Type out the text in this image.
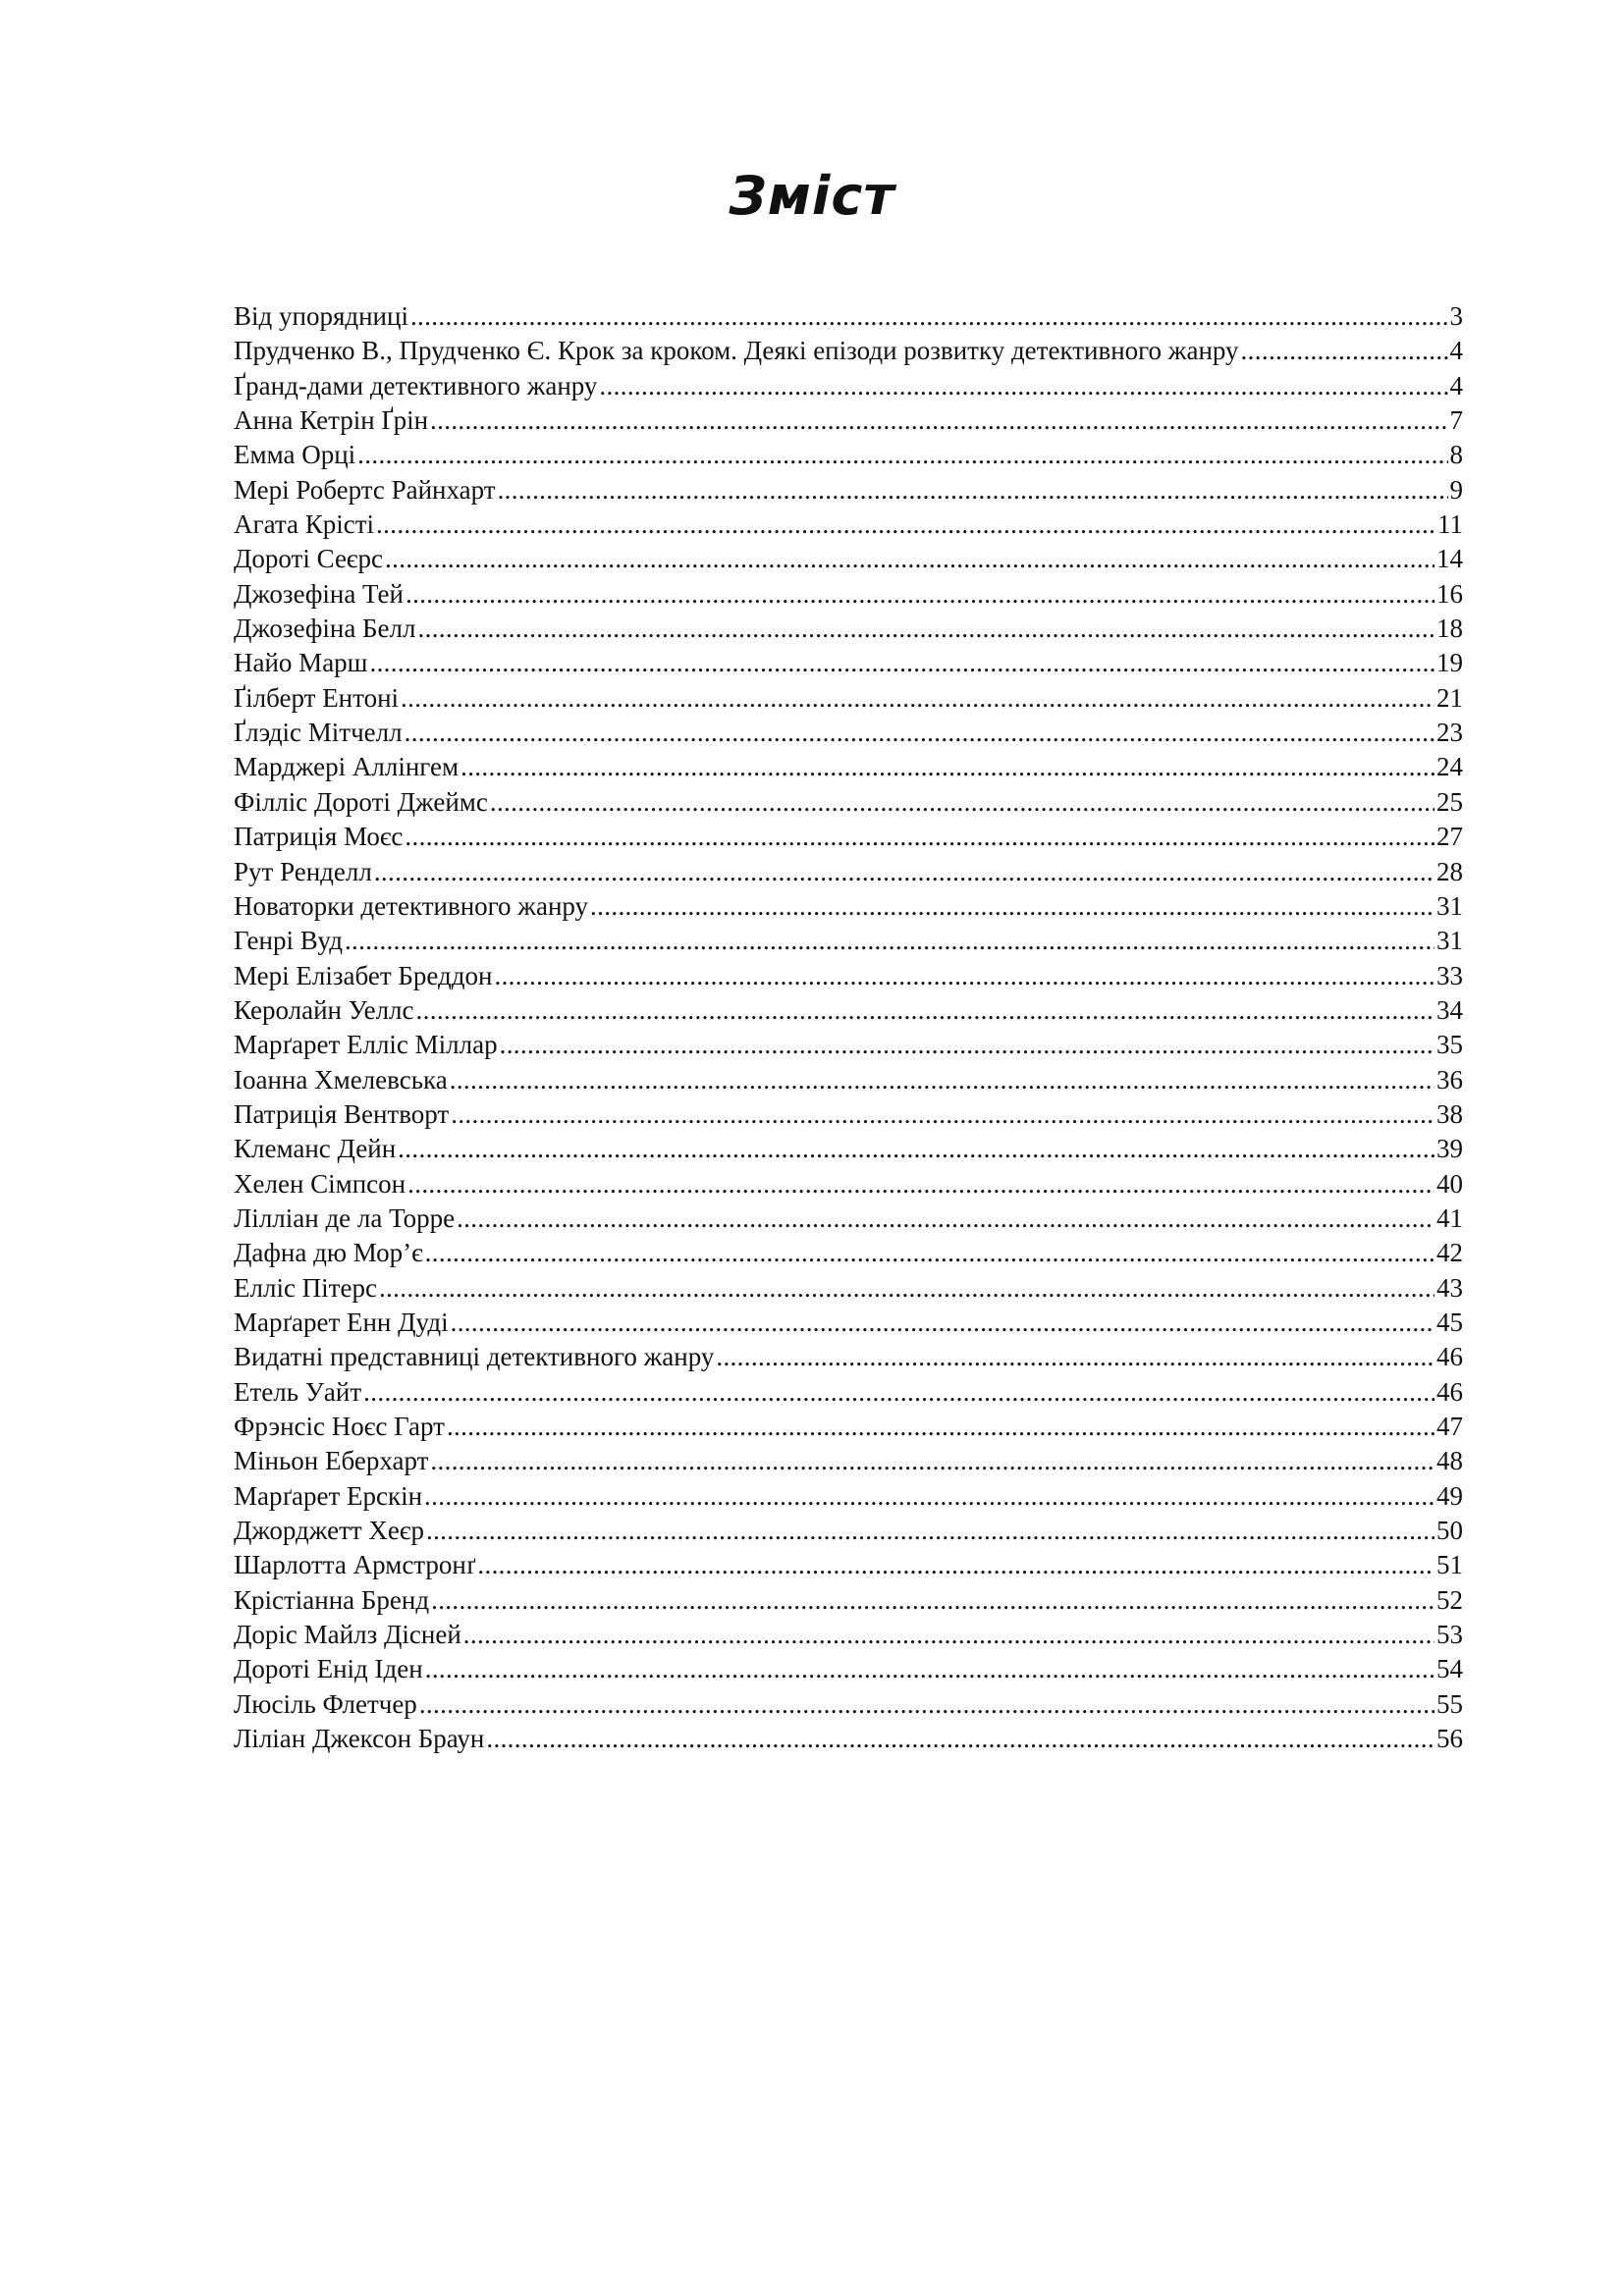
Зміст
Від упорядниці . . .	3
Прудченко В., Прудченко Є. Крок за кроком. Деякі епізоди розвитку детективного жанру . . .	4
Ґранд-дами детективного жанру . . .	4
Анна Кетрін Ґрін . . .	7
Емма Орці . . .	8
Мері Робертс Райнхарт . . .	9
Агата Крісті . . .	11
Дороті Сеєрс . . .	14
Джозефіна Тей . . .	16
Джозефіна Белл . . .	18
Найо Марш . . .	19
Ґілберт Ентоні . . .	21
Ґлэдіс Мітчелл . . .	23
Марджері Аллінгем . . .	24
Філліс Дороті Джеймс . . .	25
Патриція Моєс . . .	27
Рут Ренделл . . .	28
Новаторки детективного жанру . . .	31
Генрі Вуд . . .	31
Мері Елізабет Бреддон . . .	33
Керолайн Уеллс . . .	34
Марґарет Елліс Міллар . . .	35
Іоанна Хмелевська . . .	36
Патриція Вентворт . . .	38
Клеманс Дейн . . .	39
Хелен Сімпсон . . .	40
Лілліан де ла Торре . . .	41
Дафна дю Мор’є . . .	42
Елліс Пітерс . . .	43
Марґарет Енн Дуді . . .	45
Видатні представниці детективного жанру . . .	46
Етель Уайт . . .	46
Фрэнсіс Ноєс Гарт . . .	47
Міньон Еберхарт . . .	48
Марґарет Ерскін . . .	49
Джорджетт Хеєр . . .	50
Шарлотта Армстронґ . . .	51
Крістіанна Бренд . . .	52
Доріс Майлз Дісней . . .	53
Дороті Енід Іден . . .	54
Люсіль Флетчер . . .	55
Ліліан Джексон Браун . . .	56
